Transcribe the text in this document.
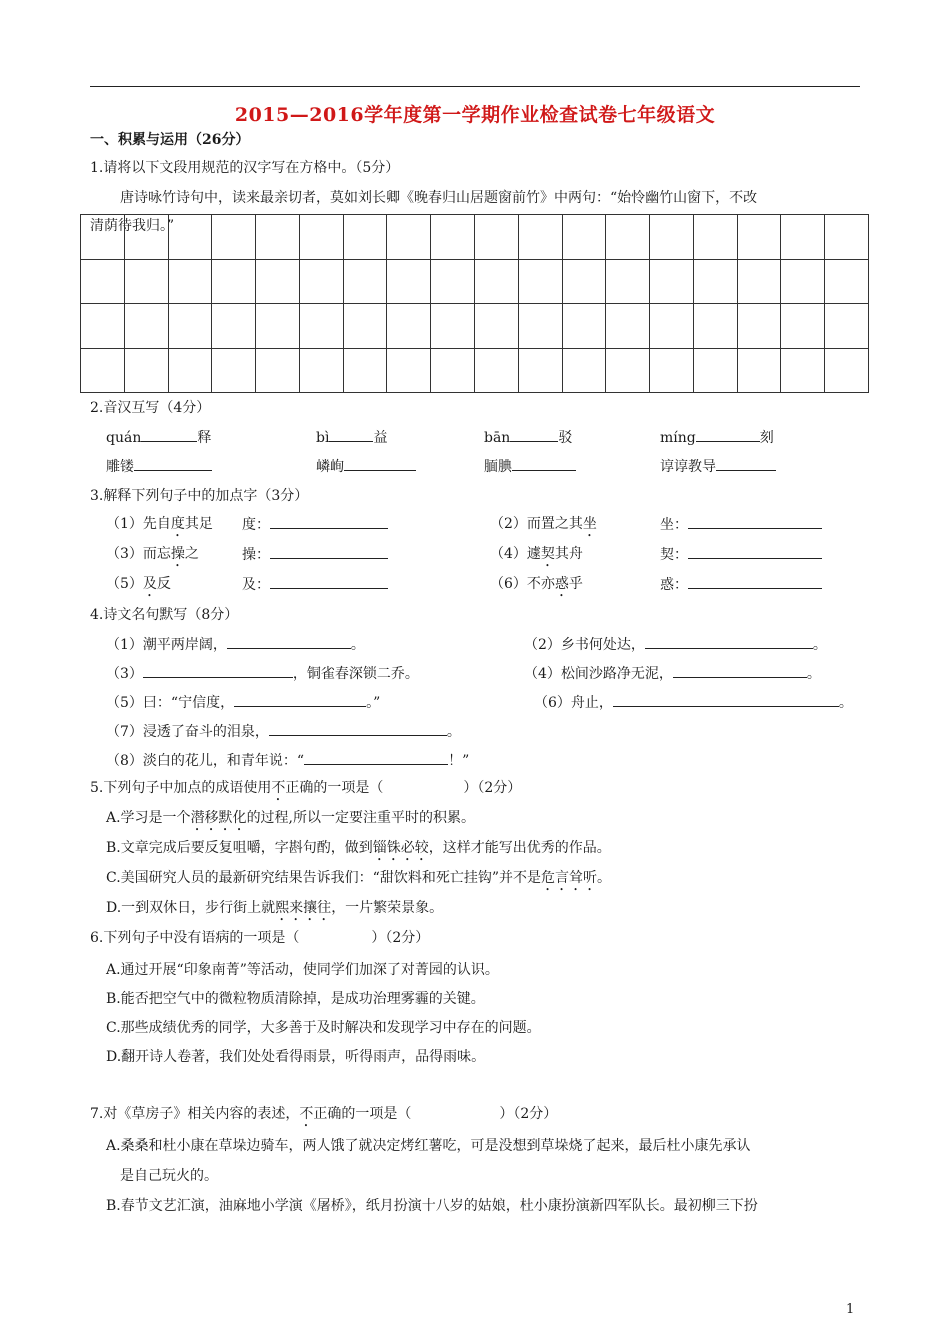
2015—2016学年度第一学期作业检查试卷七年级语文
一、积累与运用（26分）
1.请将以下文段用规范的汉字写在方格中。（5分）
唐诗咏竹诗句中，读来最亲切者，莫如刘长卿《晚春归山居题窗前竹》中两句：“始怜幽竹山窗下，不改
清荫待我归。”
2.音汉互写（4分）
quán	释	bì	益	bān	驳	míng	刻
雕镂	嶙峋	腼腆	谆谆教导
3.解释下列句子中的加点字（3分）
（1）先自度其足 度：	（2）而置之其坐	坐：
（3）而忘操之	操：	（4）遽契其舟	契：
（5）及反	及：	（6）不亦惑乎	惑：
4.诗文名句默写（8分）
（1）潮平两岸阔，	。	（2）乡书何处达，	。
（3）	，铜雀春深锁二乔。	（4）松间沙路净无泥，	。
（5）曰：“宁信度，	。”	（6）舟止，	。
（7）浸透了奋斗的泪泉，	。
（8）淡白的花儿，和青年说：“	！”
5.下列句子中加点的成语使用不正确的一项是（	）（2分）
A.学习是一个潜移默化的过程,所以一定要注重平时的积累。
B.文章完成后要反复咀嚼，字斟句酌，做到锱铢必较，这样才能写出优秀的作品。
C.美国研究人员的最新研究结果告诉我们：“甜饮料和死亡挂钩”并不是危言耸听。
D.一到双休日，步行街上就熙来攘往，一片繁荣景象。
6.下列句子中没有语病的一项是（	）（2分）
A.通过开展“印象南菁”等活动，使同学们加深了对菁园的认识。
B.能否把空气中的微粒物质清除掉，是成功治理雾霾的关键。
C.那些成绩优秀的同学，大多善于及时解决和发现学习中存在的问题。
D.翻开诗人卷著，我们处处看得雨景，听得雨声，品得雨味。
7.对《草房子》相关内容的表述，不正确的一项是（	）（2分）
A.桑桑和杜小康在草垛边骑车，两人饿了就决定烤红薯吃，可是没想到草垛烧了起来，最后杜小康先承认
是自己玩火的。
B.春节文艺汇演，油麻地小学演《屠桥》，纸月扮演十八岁的姑娘，杜小康扮演新四军队长。最初柳三下扮
1
